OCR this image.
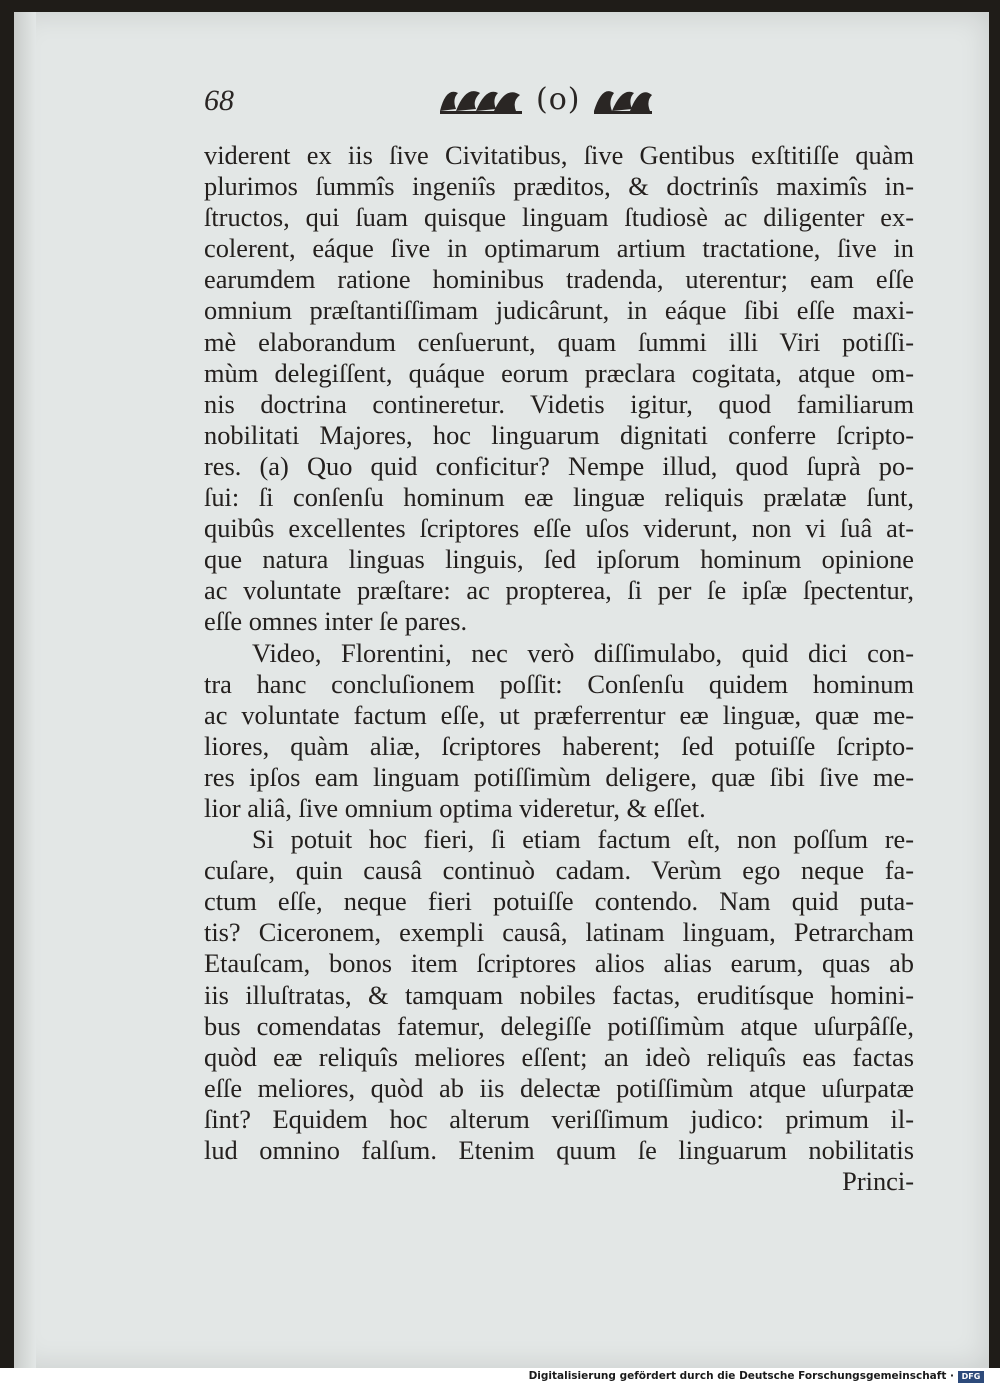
68	(o)
viderent ex iis ſive Civitatibus, ſive Gentibus exſtitiſſe quàm
plurimos ſummîs ingeniîs præditos, & doctrinîs maximîs in-
ſtructos, qui ſuam quisque linguam ſtudiosè ac diligenter ex-
colerent, eáque ſive in optimarum artium tractatione, ſive in
earumdem ratione hominibus tradenda, uterentur; eam eſſe
omnium præſtantiſſimam judicârunt, in eáque ſibi eſſe maxi-
mè elaborandum cenſuerunt, quam ſummi illi Viri potiſſi-
mùm delegiſſent, quáque eorum præclara cogitata, atque om-
nis doctrina contineretur. Videtis igitur, quod familiarum
nobilitati Majores, hoc linguarum dignitati conferre ſcripto-
res. (a) Quo quid conficitur? Nempe illud, quod ſuprà po-
ſui: ſi conſenſu hominum eæ linguæ reliquis prælatæ ſunt,
quibûs excellentes ſcriptores eſſe uſos viderunt, non vi ſuâ at-
que natura linguas linguis, ſed ipſorum hominum opinione
ac voluntate præſtare: ac propterea, ſi per ſe ipſæ ſpectentur,
eſſe omnes inter ſe pares.
Video, Florentini, nec verò diſſimulabo, quid dici con-
tra hanc concluſionem poſſit: Conſenſu quidem hominum
ac voluntate factum eſſe, ut præferrentur eæ linguæ, quæ me-
liores, quàm aliæ, ſcriptores haberent; ſed potuiſſe ſcripto-
res ipſos eam linguam potiſſimùm deligere, quæ ſibi ſive me-
lior aliâ, ſive omnium optima videretur, & eſſet.
Si potuit hoc fieri, ſi etiam factum eſt, non poſſum re-
cuſare, quin causâ continuò cadam. Verùm ego neque fa-
ctum eſſe, neque fieri potuiſſe contendo. Nam quid puta-
tis? Ciceronem, exempli causâ, latinam linguam, Petrarcham
Etauſcam, bonos item ſcriptores alios alias earum, quas ab
iis illuſtratas, & tamquam nobiles factas, eruditísque homini-
bus comendatas fatemur, delegiſſe potiſſimùm atque uſurpâſſe,
quòd eæ reliquîs meliores eſſent; an ideò reliquîs eas factas
eſſe meliores, quòd ab iis delectæ potiſſimùm atque uſurpatæ
ſint? Equidem hoc alterum veriſſimum judico: primum il-
lud omnino falſum. Etenim quum ſe linguarum nobilitatis
Princi-
Digitalisierung gefördert durch die Deutsche Forschungsgemeinschaft · DFG
